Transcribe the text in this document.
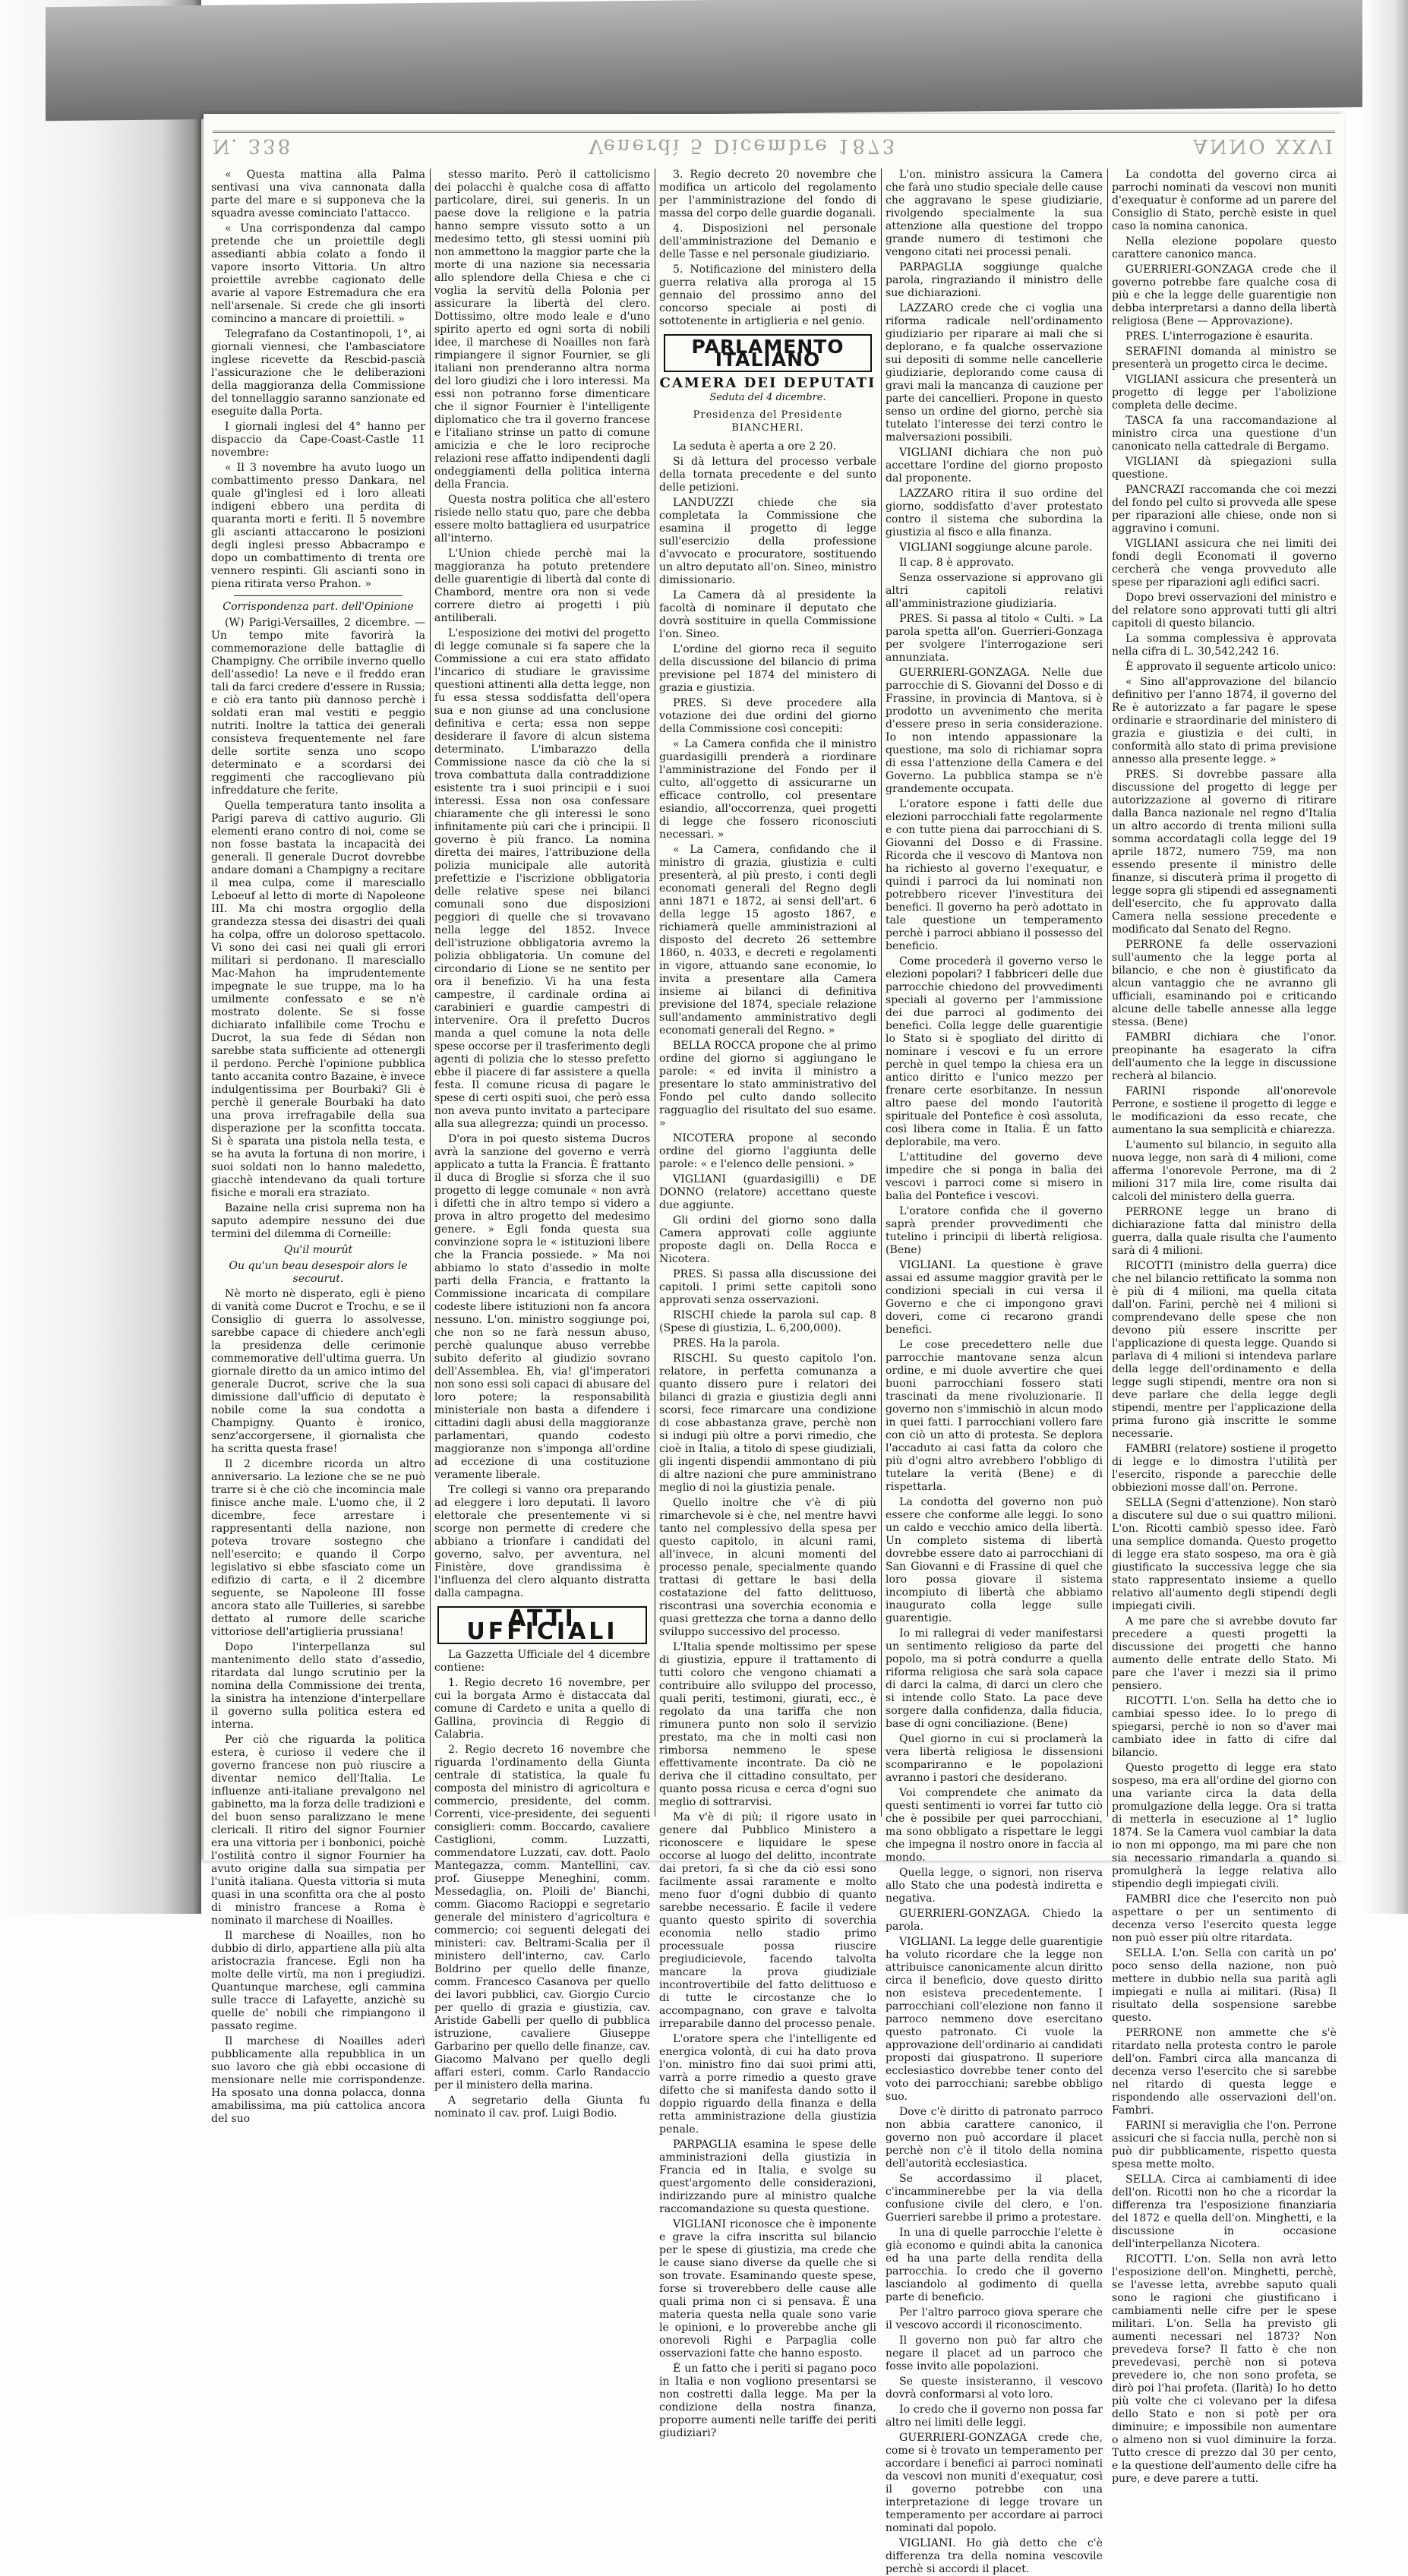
N. 338	Venerdì 5 Dicembre 1873	ANNO XXVI

« Questa mattina alla Palma sentivasi una viva cannonata dalla parte del mare e si supponeva che la squadra avesse cominciato l'attacco.

« Una corrispondenza dal campo pretende che un proiettile degli assedianti abbia colato a fondo il vapore insorto Vittoria. Un altro proiettile avrebbe cagionato delle avarie al vapore Estremadura che era nell'arsenale. Si crede che gli insorti comincino a mancare di proiettili. »

Telegrafano da Costantinopoli, 1°, ai giornali viennesi, che l'ambasciatore inglese ricevette da Rescbid-pascià l'assicurazione che le deliberazioni della maggioranza della Commissione del tonnellaggio saranno sanzionate ed eseguite dalla Porta.

I giornali inglesi del 4° hanno per dispaccio da Cape-Coast-Castle 11 novembre:

« Il 3 novembre ha avuto luogo un combattimento presso Dankara, nel quale gl'inglesi ed i loro alleati indigeni ebbero una perdita di quaranta morti e feriti. Il 5 novembre gli ascianti attaccarono le posizioni degli inglesi presso Abbacrampo e dopo un combattimento di trenta ore vennero respinti. Gli ascianti sono in piena ritirata verso Prahon. »

Corrispondenza part. dell'Opinione

(W) Parigi-Versailles, 2 dicembre. — Un tempo mite favorirà la commemorazione delle battaglie di Champigny. Che orribile inverno quello dell'assedio! La neve e il freddo eran tali da farci credere d'essere in Russia; e ciò era tanto più dannoso perchè i soldati eran mal vestiti e peggio nutriti. Inoltre la tattica dei generali consisteva frequentemente nel fare delle sortite senza uno scopo determinato e a scordarsi dei reggimenti che raccoglievano più infreddature che ferite.

Quella temperatura tanto insolita a Parigi pareva di cattivo augurio. Gli elementi erano contro di noi, come se non fosse bastata la incapacità dei generali. Il generale Ducrot dovrebbe andare domani a Champigny a recitare il mea culpa, come il maresciallo Leboeuf al letto di morte di Napoleone III. Ma chi mostra orgoglio della grandezza stessa dei disastri dei quali ha colpa, offre un doloroso spettacolo. Vi sono dei casi nei quali gli errori militari si perdonano. Il maresciallo Mac-Mahon ha imprudentemente impegnate le sue truppe, ma lo ha umilmente confessato e se n'è mostrato dolente. Se si fosse dichiarato infallibile come Trochu e Ducrot, la sua fede di Sédan non sarebbe stata sufficiente ad ottenergli il perdono. Perchè l'opinione pubblica tanto accanita contro Bazaine, è invece indulgentissima per Bourbaki? Gli è perchè il generale Bourbaki ha dato una prova irrefragabile della sua disperazione per la sconfitta toccata. Si è sparata una pistola nella testa, e se ha avuta la fortuna di non morire, i suoi soldati non lo hanno maledetto, giacchè intendevano da quali torture fisiche e morali era straziato.

Bazaine nella crisi suprema non ha saputo adempire nessuno dei due termini del dilemma di Corneille:

Qu'il mourût

Ou qu'un beau desespoir alors le secourut.

Nè morto nè disperato, egli è pieno di vanità come Ducrot e Trochu, e se il Consiglio di guerra lo assolvesse, sarebbe capace di chiedere anch'egli la presidenza delle cerimonie commemorative dell'ultima guerra. Un giornale diretto da un amico intimo del generale Ducrot, scrive che la sua dimissione dall'ufficio di deputato è nobile come la sua condotta a Champigny. Quanto è ironico, senz'accorgersene, il giornalista che ha scritta questa frase!

Il 2 dicembre ricorda un altro anniversario. La lezione che se ne può trarre si è che ciò che incomincia male finisce anche male. L'uomo che, il 2 dicembre, fece arrestare i rappresentanti della nazione, non poteva trovare sostegno che nell'esercito; e quando il Corpo legislativo si ebbe sfasciato come un edifizio di carta, e il 2 dicembre seguente, se Napoleone III fosse ancora stato alle Tuilleries, si sarebbe dettato al rumore delle scariche vittoriose dell'artiglieria prussiana!

Dopo l'interpellanza sul mantenimento dello stato d'assedio, ritardata dal lungo scrutinio per la nomina della Commissione dei trenta, la sinistra ha intenzione d'interpellare il governo sulla politica estera ed interna.

Per ciò che riguarda la politica estera, è curioso il vedere che il governo francese non può riuscire a diventar nemico dell'Italia. Le influenze anti-italiane prevalgono nel gabinetto, ma la forza delle tradizioni e del buon senso paralizzano le mene clericali. Il ritiro del signor Fournier era una vittoria per i bonbonici, poichè l'ostilità contro il signor Fournier ha avuto origine dalla sua simpatia per l'unità italiana. Questa vittoria si muta quasi in una sconfitta ora che al posto di ministro francese a Roma è nominato il marchese di Noailles.

Il marchese di Noailles, non ho dubbio di dirlo, appartiene alla più alta aristocrazia francese. Egli non ha molte delle virtù, ma non i pregiudizi. Quantunque marchese, egli cammina sulle tracce di Lafayette, anzichè su quelle de' nobili che rimpiangono il passato regime.

Il marchese di Noailles aderì pubblicamente alla repubblica in un suo lavoro che già ebbi occasione di mensionare nelle mie corrispondenze. Ha sposato una donna polacca, donna amabilissima, ma più cattolica ancora del suo

stesso marito. Però il cattolicismo dei polacchi è qualche cosa di affatto particolare, direi, sui generis. In un paese dove la religione e la patria hanno sempre vissuto sotto a un medesimo tetto, gli stessi uomini più non ammettono la maggior parte che la morte di una nazione sia necessaria allo splendore della Chiesa e che ci voglia la servitù della Polonia per assicurare la libertà del clero. Dottissimo, oltre modo leale e d'uno spirito aperto ed ogni sorta di nobili idee, il marchese di Noailles non farà rimpiangere il signor Fournier, se gli italiani non prenderanno altra norma del loro giudizi che i loro interessi. Ma essi non potranno forse dimenticare che il signor Fournier è l'intelligente diplomatico che tra il governo francese e l'italiano strinse un patto di comune amicizia e che le loro reciproche relazioni rese affatto indipendenti dagli ondeggiamenti della politica interna della Francia.

Questa nostra politica che all'estero risiede nello statu quo, pare che debba essere molto battagliera ed usurpatrice all'interno.

L'Union chiede perchè mai la maggioranza ha potuto pretendere delle guarentigie di libertà dal conte di Chambord, mentre ora non si vede correre dietro ai progetti i più antiliberali.

L'esposizione dei motivi del progetto di legge comunale si fa sapere che la Commissione a cui era stato affidato l'incarico di studiare le gravissime questioni attinenti alla detta legge, non fu essa stessa soddisfatta dell'opera sua e non giunse ad una conclusione definitiva e certa; essa non seppe desiderare il favore di alcun sistema determinato. L'imbarazzo della Commissione nasce da ciò che la si trova combattuta dalla contraddizione esistente tra i suoi principii e i suoi interessi. Essa non osa confessare chiaramente che gli interessi le sono infinitamente più cari che i principii. Il governo è più franco. La nomina diretta dei maires, l'attribuzione della polizia municipale alle autorità prefettizie e l'iscrizione obbligatoria delle relative spese nei bilanci comunali sono due disposizioni peggiori di quelle che si trovavano nella legge del 1852. Invece dell'istruzione obbligatoria avremo la polizia obbligatoria. Un comune del circondario di Lione se ne sentito per ora il benefizio. Vi ha una festa campestre, il cardinale ordina ai carabinieri e guardie campestri di intervenire. Ora il prefetto Ducros manda a quel comune la nota delle spese occorse per il trasferimento degli agenti di polizia che lo stesso prefetto ebbe il piacere di far assistere a quella festa. Il comune ricusa di pagare le spese di certi ospiti suoi, che però essa non aveva punto invitato a partecipare alla sua allegrezza; quindi un processo.

D'ora in poi questo sistema Ducros avrà la sanzione del governo e verrà applicato a tutta la Francia. È frattanto il duca di Broglie si sforza che il suo progetto di legge comunale « non avrà i difetti che in altro tempo si videro a prova in altro progetto del medesimo genere. » Egli fonda questa sua convinzione sopra le « istituzioni libere che la Francia possiede. » Ma noi abbiamo lo stato d'assedio in molte parti della Francia, e frattanto la Commissione incaricata di compilare codeste libere istituzioni non fa ancora nessuno. L'on. ministro soggiunge poi, che non so ne farà nessun abuso, perchè qualunque abuso verrebbe subito deferito al giudizio sovrano dell'Assemblea. Eh, via! gl'imperatori non sono essi soli capaci di abusare del loro potere; la responsabilità ministeriale non basta a difendere i cittadini dagli abusi della maggioranze parlamentari, quando codesto maggioranze non s'imponga all'ordine ad eccezione di una costituzione veramente liberale.

Tre collegi si vanno ora preparando ad eleggere i loro deputati. Il lavoro elettorale che presentemente vi si scorge non permette di credere che abbiano a trionfare i candidati del governo, salvo, per avventura, nel Finistère, dove grandissima è l'influenza del clero alquanto distratta dalla campagna.

ATTI UFFICIALI

La Gazzetta Ufficiale del 4 dicembre contiene:

1. Regio decreto 16 novembre, per cui la borgata Armo è distaccata dal comune di Cardeto e unita a quello di Gallina, provincia di Reggio di Calabria.

2. Regio decreto 16 novembre che riguarda l'ordinamento della Giunta centrale di statistica, la quale fu composta del ministro di agricoltura e commercio, presidente, del comm. Correnti, vice-presidente, dei seguenti consiglieri: comm. Boccardo, cavaliere Castiglioni, comm. Luzzatti, commendatore Luzzati, cav. dott. Paolo Mantegazza, comm. Mantellini, cav. prof. Giuseppe Meneghini, comm. Messedaglia, on. Ploili de' Bianchi, comm. Giacomo Racioppi e segretario generale del ministero d'agricoltura e commercio; coi seguenti delegati dei ministeri: cav. Beltrami-Scalia per il ministero dell'interno, cav. Carlo Boldrino per quello delle finanze, comm. Francesco Casanova per quello dei lavori pubblici, cav. Giorgio Curcio per quello di grazia e giustizia, cav. Aristide Gabelli per quello di pubblica istruzione, cavaliere Giuseppe Garbarino per quello delle finanze, cav. Giacomo Malvano per quello degli affari esteri, comm. Carlo Randaccio per il ministero della marina.

A segretario della Giunta fu nominato il cav. prof. Luigi Bodio.

3. Regio decreto 20 novembre che modifica un articolo del regolamento per l'amministrazione del fondo di massa del corpo delle guardie doganali.

4. Disposizioni nel personale dell'amministrazione del Demanio e delle Tasse e nel personale giudiziario.

5. Notificazione del ministero della guerra relativa alla proroga al 15 gennaio del prossimo anno del concorso speciale ai posti di sottotenente in artiglieria e nel genio.

PARLAMENTO ITALIANO
CAMERA DEI DEPUTATI
Seduta del 4 dicembre.
Presidenza del Presidente BIANCHERI.

La seduta è aperta a ore 2 20.

Si dà lettura del processo verbale della tornata precedente e del sunto delle petizioni.

LANDUZZI chiede che sia completata la Commissione che esamina il progetto di legge sull'esercizio della professione d'avvocato e procuratore, sostituendo un altro deputato all'on. Sineo, ministro dimissionario.

La Camera dà al presidente la facoltà di nominare il deputato che dovrà sostituire in quella Commissione l'on. Sineo.

L'ordine del giorno reca il seguito della discussione del bilancio di prima previsione pel 1874 del ministero di grazia e giustizia.

PRES. Si deve procedere alla votazione dei due ordini del giorno della Commissione così concepiti:

« La Camera confida che il ministro guardasigilli prenderà a riordinare l'amministrazione del Fondo per il culto, all'oggetto di assicurarne un efficace controllo, col presentare esiandio, all'occorrenza, quei progetti di legge che fossero riconosciuti necessari. »

« La Camera, confidando che il ministro di grazia, giustizia e culti presenterà, al più presto, i conti degli economati generali del Regno degli anni 1871 e 1872, ai sensi dell'art. 6 della legge 15 agosto 1867, e richiamerà quelle amministrazioni al disposto del decreto 26 settembre 1860, n. 4033, e decreti e regolamenti in vigore, attuando sane economie, lo invita a presentare alla Camera insieme ai bilanci di definitiva previsione del 1874, speciale relazione sull'andamento amministrativo degli economati generali del Regno. »

BELLA ROCCA propone che al primo ordine del giorno si aggiungano le parole: « ed invita il ministro a presentare lo stato amministrativo del Fondo pel culto dando sollecito ragguaglio del risultato del suo esame. »

NICOTERA propone al secondo ordine del giorno l'aggiunta delle parole: « e l'elenco delle pensioni. »

VIGLIANI (guardasigilli) e DE DONNO (relatore) accettano queste due aggiunte.

Gli ordini del giorno sono dalla Camera approvati colle aggiunte proposte dagli on. Della Rocca e Nicotera.

PRES. Si passa alla discussione dei capitoli. I primi sette capitoli sono approvati senza osservazioni.

RISCHI chiede la parola sul cap. 8 (Spese di giustizia, L. 6,200,000).

PRES. Ha la parola.

RISCHI. Su questo capitolo l'on. relatore, in perfetta comunanza a quanto dissero pure i relatori dei bilanci di grazia e giustizia degli anni scorsi, fece rimarcare una condizione di cose abbastanza grave, perchè non si indugi più oltre a porvi rimedio, che cioè in Italia, a titolo di spese giudiziali, gli ingenti dispendii ammontano di più di altre nazioni che pure amministrano meglio di noi la giustizia penale.

Quello inoltre che v'è di più rimarchevole si è che, nel mentre havvi tanto nel complessivo della spesa per questo capitolo, in alcuni rami, all'invece, in alcuni momenti del processo penale, specialmente quando trattasi di gettare le basi della costatazione del fatto delittuoso, riscontrasi una soverchia economia e quasi grettezza che torna a danno dello sviluppo successivo del processo.

L'Italia spende moltissimo per spese di giustizia, eppure il trattamento di tutti coloro che vengono chiamati a contribuire allo sviluppo del processo, quali periti, testimoni, giurati, ecc., è regolato da una tariffa che non rimunera punto non solo il servizio prestato, ma che in molti casi non rimborsa nemmeno le spese effettivamente incontrate. Da ciò ne deriva che il cittadino consultato, per quanto possa ricusa e cerca d'ogni suo meglio di sottrarvisi.

Ma v'è di più; il rigore usato in genere dal Pubblico Ministero a riconoscere e liquidare le spese occorse al luogo del delitto, incontrate dai pretori, fa sì che da ciò essi sono facilmente assai raramente e molto meno fuor d'ogni dubbio di quanto sarebbe necessario. È facile il vedere quanto questo spirito di soverchia economia nello stadio primo processuale possa riuscire pregiudicievole, facendo talvolta mancare la prova giudiziale incontrovertibile del fatto delittuoso e di tutte le circostanze che lo accompagnano, con grave e talvolta irreparabile danno del processo penale.

L'oratore spera che l'intelligente ed energica volontà, di cui ha dato prova l'on. ministro fino dai suoi primi atti, varrà a porre rimedio a questo grave difetto che si manifesta dando sotto il doppio riguardo della finanza e della retta amministrazione della giustizia penale.

PARPAGLIA esamina le spese delle amministrazioni della giustizia in Francia ed in Italia, e svolge su quest'argomento delle considerazioni, indirizzando pure al ministro qualche raccomandazione su questa questione.

VIGLIANI riconosce che è imponente e grave la cifra inscritta sul bilancio per le spese di giustizia, ma crede che le cause siano diverse da quelle che si son trovate. Esaminando queste spese, forse si troverebbero delle cause alle quali prima non ci si pensava. È una materia questa nella quale sono varie le opinioni, e lo proverebbe anche gli onorevoli Righi e Parpaglia colle osservazioni fatte che hanno esposto.

È un fatto che i periti si pagano poco in Italia e non vogliono presentarsi se non costretti dalla legge. Ma per la condizione della nostra finanza, proporre aumenti nelle tariffe dei periti giudiziari?

L'on. ministro assicura la Camera che farà uno studio speciale delle cause che aggravano le spese giudiziarie, rivolgendo specialmente la sua attenzione alla questione del troppo grande numero di testimoni che vengono citati nei processi penali.

PARPAGLIA soggiunge qualche parola, ringraziando il ministro delle sue dichiarazioni.

LAZZARO crede che ci voglia una riforma radicale nell'ordinamento giudiziario per riparare ai mali che si deplorano, e fa qualche osservazione sui depositi di somme nelle cancellerie giudiziarie, deplorando come causa di gravi mali la mancanza di cauzione per parte dei cancellieri. Propone in questo senso un ordine del giorno, perchè sia tutelato l'interesse dei terzi contro le malversazioni possibili.

VIGLIANI dichiara che non può accettare l'ordine del giorno proposto dal proponente.

LAZZARO ritira il suo ordine del giorno, soddisfatto d'aver protestato contro il sistema che subordina la giustizia al fisco e alla finanza.

VIGLIANI soggiunge alcune parole.

Il cap. 8 è approvato.

Senza osservazione si approvano gli altri capitoli relativi all'amministrazione giudiziaria.

PRES. Si passa al titolo « Culti. » La parola spetta all'on. Guerrieri-Gonzaga per svolgere l'interrogazione seri annunziata.

GUERRIERI-GONZAGA. Nelle due parrocchie di S. Giovanni del Dosso e di Frassine, in provincia di Mantova, si è prodotto un avvenimento che merita d'essere preso in seria considerazione. Io non intendo appassionare la questione, ma solo di richiamar sopra di essa l'attenzione della Camera e del Governo. La pubblica stampa se n'è grandemente occupata.

L'oratore espone i fatti delle due elezioni parrocchiali fatte regolarmente e con tutte piena dai parrocchiani di S. Giovanni del Dosso e di Frassine. Ricorda che il vescovo di Mantova non ha richiesto al governo l'exequatur, e quindi i parroci da lui nominati non potrebbero ricever l'investitura dei benefici. Il governo ha però adottato in tale questione un temperamento perchè i parroci abbiano il possesso del beneficio.

Come procederà il governo verso le elezioni popolari? I fabbriceri delle due parrocchie chiedono del provvedimenti speciali al governo per l'ammissione dei due parroci al godimento dei benefici. Colla legge delle guarentigie lo Stato si è spogliato del diritto di nominare i vescovi e fu un errore perchè in quel tempo la chiesa era un antico diritto e l'unico mezzo per frenare certe esorbitanze. In nessun altro paese del mondo l'autorità spirituale del Pontefice è così assoluta, così libera come in Italia. È un fatto deplorabile, ma vero.

L'attitudine del governo deve impedire che si ponga in balìa dei vescovi i parroci come si misero in balìa del Pontefice i vescovi.

L'oratore confida che il governo saprà prender provvedimenti che tutelino i principii di libertà religiosa. (Bene)

VIGLIANI. La questione è grave assai ed assume maggior gravità per le condizioni speciali in cui versa il Governo e che ci impongono gravi doveri, come ci recarono grandi benefici.

Le cose precedettero nelle due parrocchie mantovane senza alcun ordine, e mi duole avvertire che quei buoni parrocchiani fossero stati trascinati da mene rivoluzionarie. Il governo non s'immischiò in alcun modo in quei fatti. I parrocchiani vollero fare con ciò un atto di protesta. Se deplora l'accaduto ai casi fatta da coloro che più d'ogni altro avrebbero l'obbligo di tutelare la verità (Bene) e di rispettarla.

La condotta del governo non può essere che conforme alle leggi. Io sono un caldo e vecchio amico della libertà. Un completo sistema di libertà dovrebbe essere dato ai parrocchiani di San Giovanni e di Frassine di quel che loro possa giovare il sistema incompiuto di libertà che abbiamo inaugurato colla legge sulle guarentigie.

Io mi rallegrai di veder manifestarsi un sentimento religioso da parte del popolo, ma si potrà condurre a quella riforma religiosa che sarà sola capace di darci la calma, di darci un clero che si intende collo Stato. La pace deve sorgere dalla confidenza, dalla fiducia, base di ogni conciliazione. (Bene)

Quel giorno in cui si proclamerà la vera libertà religiosa le dissensioni scompariranno e le popolazioni avranno i pastori che desiderano.

Voi comprendete che animato da questi sentimenti io vorrei far tutto ciò che è possibile per quei parrocchiani, ma sono obbligato a rispettare le leggi che impegna il nostro onore in faccia al mondo.

Quella legge, o signori, non riserva allo Stato che una podestà indiretta e negativa.

GUERRIERI-GONZAGA. Chiedo la parola.

VIGLIANI. La legge delle guarentigie ha voluto ricordare che la legge non attribuisce canonicamente alcun diritto circa il beneficio, dove questo diritto non esisteva precedentemente. I parrocchiani coll'elezione non fanno il parroco nemmeno dove esercitano questo patronato. Ci vuole la approvazione dell'ordinario ai candidati proposti dai giuspatrono. Il superiore ecclesiastico dovrebbe tener conto del voto dei parrocchiani; sarebbe obbligo suo.

Dove c'è diritto di patronato parroco non abbia carattere canonico, il governo non può accordare il placet perchè non c'è il titolo della nomina dell'autorità ecclesiastica.

Se accordassimo il placet, c'incamminerebbe per la via della confusione civile del clero, e l'on. Guerrieri sarebbe il primo a protestare.

In una di quelle parrocchie l'elette è già economo e quindi abita la canonica ed ha una parte della rendita della parrocchia. Io credo che il governo lasciandolo al godimento di quella parte di beneficio.

Per l'altro parroco giova sperare che il vescovo accordi il riconoscimento.

Il governo non può far altro che negare il placet ad un parroco che fosse invito alle popolazioni.

Se queste insisteranno, il vescovo dovrà conformarsi al voto loro.

Io credo che il governo non possa far altro nei limiti delle leggi.

GUERRIERI-GONZAGA crede che, come si è trovato un temperamento per accordare i benefici ai parroci nominati da vescovi non muniti d'exequatur, così il governo potrebbe con una interpretazione di legge trovare un temperamento per accordare ai parroci nominati dal popolo.

VIGLIANI. Ho già detto che c'è differenza tra della nomina vescovile perchè si accordi il placet.

La condotta del governo circa ai parrochi nominati da vescovi non muniti d'exequatur è conforme ad un parere del Consiglio di Stato, perchè esiste in quel caso la nomina canonica.

Nella elezione popolare questo carattere canonico manca.

GUERRIERI-GONZAGA crede che il governo potrebbe fare qualche cosa di più e che la legge delle guarentigie non debba interpretarsi a danno della libertà religiosa (Bene — Approvazione).

PRES. L'interrogazione è esaurita.

SERAFINI domanda al ministro se presenterà un progetto circa le decime.

VIGLIANI assicura che presenterà un progetto di legge per l'abolizione completa delle decime.

TASCA fa una raccomandazione al ministro circa una questione d'un canonicato nella cattedrale di Bergamo.

VIGLIANI dà spiegazioni sulla questione.

PANCRAZI raccomanda che coi mezzi del fondo pel culto si provveda alle spese per riparazioni alle chiese, onde non si aggravino i comuni.

VIGLIANI assicura che nei limiti dei fondi degli Economati il governo cercherà che venga provveduto alle spese per riparazioni agli edifici sacri.

Dopo brevi osservazioni del ministro e del relatore sono approvati tutti gli altri capitoli di questo bilancio.

La somma complessiva è approvata nella cifra di L. 30,542,242 16.

È approvato il seguente articolo unico:

« Sino all'approvazione del bilancio definitivo per l'anno 1874, il governo del Re è autorizzato a far pagare le spese ordinarie e straordinarie del ministero di grazia e giustizia e dei culti, in conformità allo stato di prima previsione annesso alla presente legge. »

PRES. Si dovrebbe passare alla discussione del progetto di legge per autorizzazione al governo di ritirare dalla Banca nazionale nel regno d'Italia un altro accordo di trenta milioni sulla somma accordatagli colla legge del 19 aprile 1872, numero 759, ma non essendo presente il ministro delle finanze, si discuterà prima il progetto di legge sopra gli stipendi ed assegnamenti dell'esercito, che fu approvato dalla Camera nella sessione precedente e modificato dal Senato del Regno.

PERRONE fa delle osservazioni sull'aumento che la legge porta al bilancio, e che non è giustificato da alcun vantaggio che ne avranno gli ufficiali, esaminando poi e criticando alcune delle tabelle annesse alla legge stessa. (Bene)

FAMBRI dichiara che l'onor. preopinante ha esagerato la cifra dell'aumento che la legge in discussione recherà al bilancio.

FARINI risponde all'onorevole Perrone, e sostiene il progetto di legge e le modificazioni da esso recate, che aumentano la sua semplicità e chiarezza.

L'aumento sul bilancio, in seguito alla nuova legge, non sarà di 4 milioni, come afferma l'onorevole Perrone, ma di 2 milioni 317 mila lire, come risulta dai calcoli del ministero della guerra.

PERRONE legge un brano di dichiarazione fatta dal ministro della guerra, dalla quale risulta che l'aumento sarà di 4 milioni.

RICOTTI (ministro della guerra) dice che nel bilancio rettificato la somma non è più di 4 milioni, ma quella citata dall'on. Farini, perchè nei 4 milioni si comprendevano delle spese che non devono più essere inscritte per l'applicazione di questa legge. Quando si parlava di 4 milioni si intendeva parlare della legge dell'ordinamento e della legge sugli stipendi, mentre ora non si deve parlare che della legge degli stipendi, mentre per l'applicazione della prima furono già inscritte le somme necessarie.

FAMBRI (relatore) sostiene il progetto di legge e lo dimostra l'utilità per l'esercito, risponde a parecchie delle obbiezioni mosse dall'on. Perrone.

SELLA (Segni d'attenzione). Non starò a discutere sul due o sui quattro milioni. L'on. Ricotti cambiò spesso idee. Farò una semplice domanda. Questo progetto di legge era stato sospeso, ma ora è già giustificato la successiva legge che sia stato rappresentato insieme a quello relativo all'aumento degli stipendi degli impiegati civili.

A me pare che si avrebbe dovuto far precedere a questi progetti la discussione dei progetti che hanno aumento delle entrate dello Stato. Mi pare che l'aver i mezzi sia il primo pensiero.

RICOTTI. L'on. Sella ha detto che io cambiai spesso idee. Io lo prego di spiegarsi, perchè io non so d'aver mai cambiato idee in fatto di cifre dal bilancio.

Questo progetto di legge era stato sospeso, ma era all'ordine del giorno con una variante circa la data della promulgazione della legge. Ora si tratta di metterla in esecuzione al 1° luglio 1874. Se la Camera vuol cambiar la data io non mi oppongo, ma mi pare che non sia necessario rimandarla a quando si promulgherà la legge relativa allo stipendio degli impiegati civili.

FAMBRI dice che l'esercito non può aspettare o per un sentimento di decenza verso l'esercito questa legge non può esser più oltre ritardata.

SELLA. L'on. Sella con carità un po' poco senso della nazione, non può mettere in dubbio nella sua parità agli impiegati e nulla ai militari. (Risa) Il risultato della sospensione sarebbe questo.

PERRONE non ammette che s'è ritardato nella protesta contro le parole dell'on. Fambri circa alla mancanza di decenza verso l'esercito che si sarebbe nel ritardo di questa legge e rispondendo alle osservazioni dell'on. Fambri.

FARINI si meraviglia che l'on. Perrone assicuri che si faccia nulla, perchè non si può dir pubblicamente, rispetto questa spesa mette molto.

SELLA. Circa ai cambiamenti di idee dell'on. Ricotti non ho che a ricordar la differenza tra l'esposizione finanziaria del 1872 e quella dell'on. Minghetti, e la discussione in occasione dell'interpellanza Nicotera.

RICOTTI. L'on. Sella non avrà letto l'esposizione dell'on. Minghetti, perchè, se l'avesse letta, avrebbe saputo quali sono le ragioni che giustificano i cambiamenti nelle cifre per le spese militari. L'on. Sella ha previsto gli aumenti necessari nel 1873? Non prevedeva forse? Il fatto è che non prevedevasi, perchè non si poteva prevedere io, che non sono profeta, se dirò poi l'hai profeta. (Ilarità) Io ho detto più volte che ci volevano per la difesa dello Stato e non si potè per ora diminuire; e impossibile non aumentare o almeno non si vuol diminuire la forza. Tutto cresce di prezzo dal 30 per cento, e la questione dell'aumento delle cifre ha pure, e deve parere a tutti.
